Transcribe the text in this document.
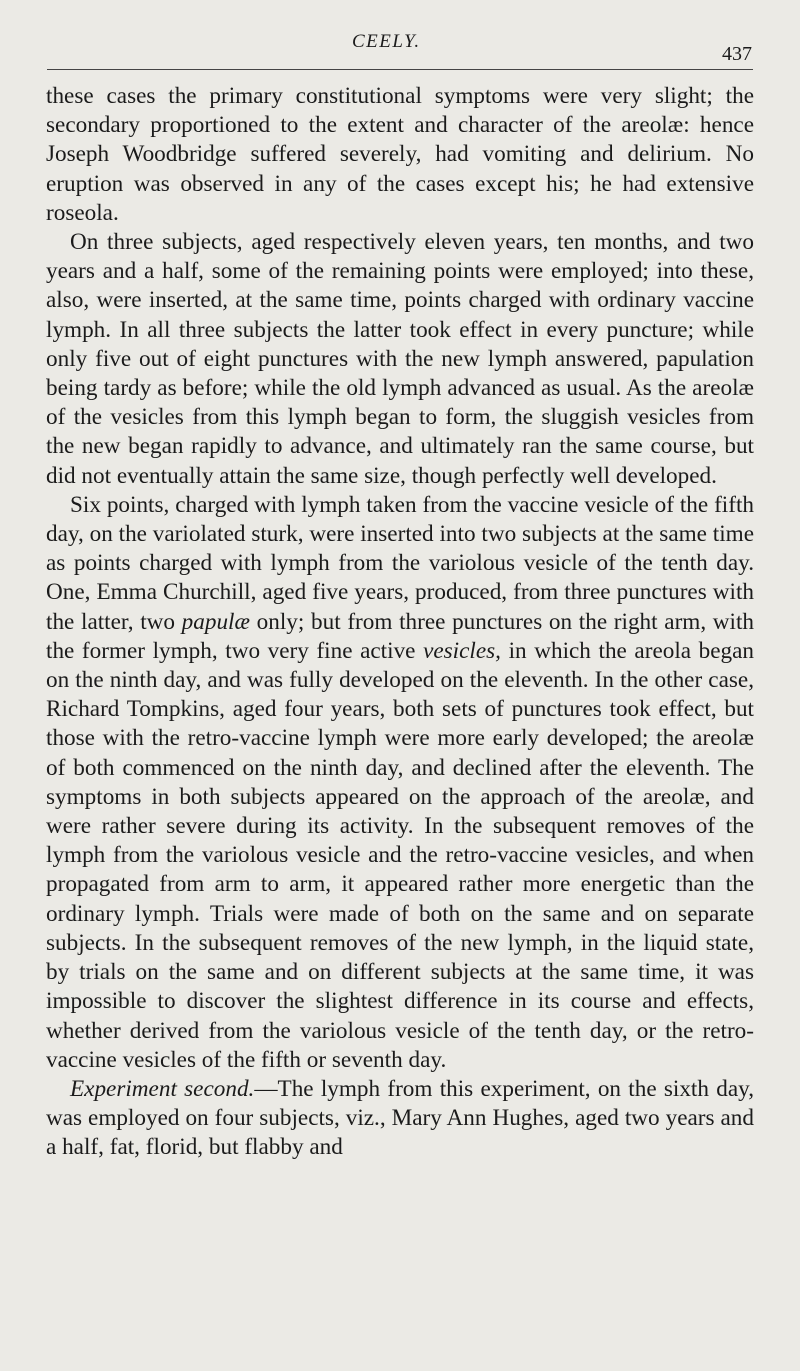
CEELY.
437

these cases the primary constitutional symptoms were very slight; the secondary proportioned to the extent and character of the areolæ: hence Joseph Woodbridge suffered severely, had vomiting and delirium. No eruption was observed in any of the cases except his; he had extensive roseola.

On three subjects, aged respectively eleven years, ten months, and two years and a half, some of the remaining points were employed; into these, also, were inserted, at the same time, points charged with ordinary vaccine lymph. In all three subjects the latter took effect in every puncture; while only five out of eight punctures with the new lymph answered, papulation being tardy as before; while the old lymph advanced as usual. As the areolæ of the vesicles from this lymph began to form, the sluggish vesicles from the new began rapidly to advance, and ultimately ran the same course, but did not eventually attain the same size, though perfectly well developed.

Six points, charged with lymph taken from the vaccine vesicle of the fifth day, on the variolated sturk, were inserted into two subjects at the same time as points charged with lymph from the variolous vesicle of the tenth day. One, Emma Churchill, aged five years, produced, from three punctures with the latter, two papulæ only; but from three punctures on the right arm, with the former lymph, two very fine active vesicles, in which the areola began on the ninth day, and was fully developed on the eleventh. In the other case, Richard Tompkins, aged four years, both sets of punctures took effect, but those with the retro-vaccine lymph were more early developed; the areolæ of both commenced on the ninth day, and declined after the eleventh. The symptoms in both subjects appeared on the approach of the areolæ, and were rather severe during its activity. In the subsequent removes of the lymph from the variolous vesicle and the retro-vaccine vesicles, and when propagated from arm to arm, it appeared rather more energetic than the ordinary lymph. Trials were made of both on the same and on separate subjects. In the subsequent removes of the new lymph, in the liquid state, by trials on the same and on different subjects at the same time, it was impossible to discover the slightest difference in its course and effects, whether derived from the variolous vesicle of the tenth day, or the retro-vaccine vesicles of the fifth or seventh day.

Experiment second.—The lymph from this experiment, on the sixth day, was employed on four subjects, viz., Mary Ann Hughes, aged two years and a half, fat, florid, but flabby and
